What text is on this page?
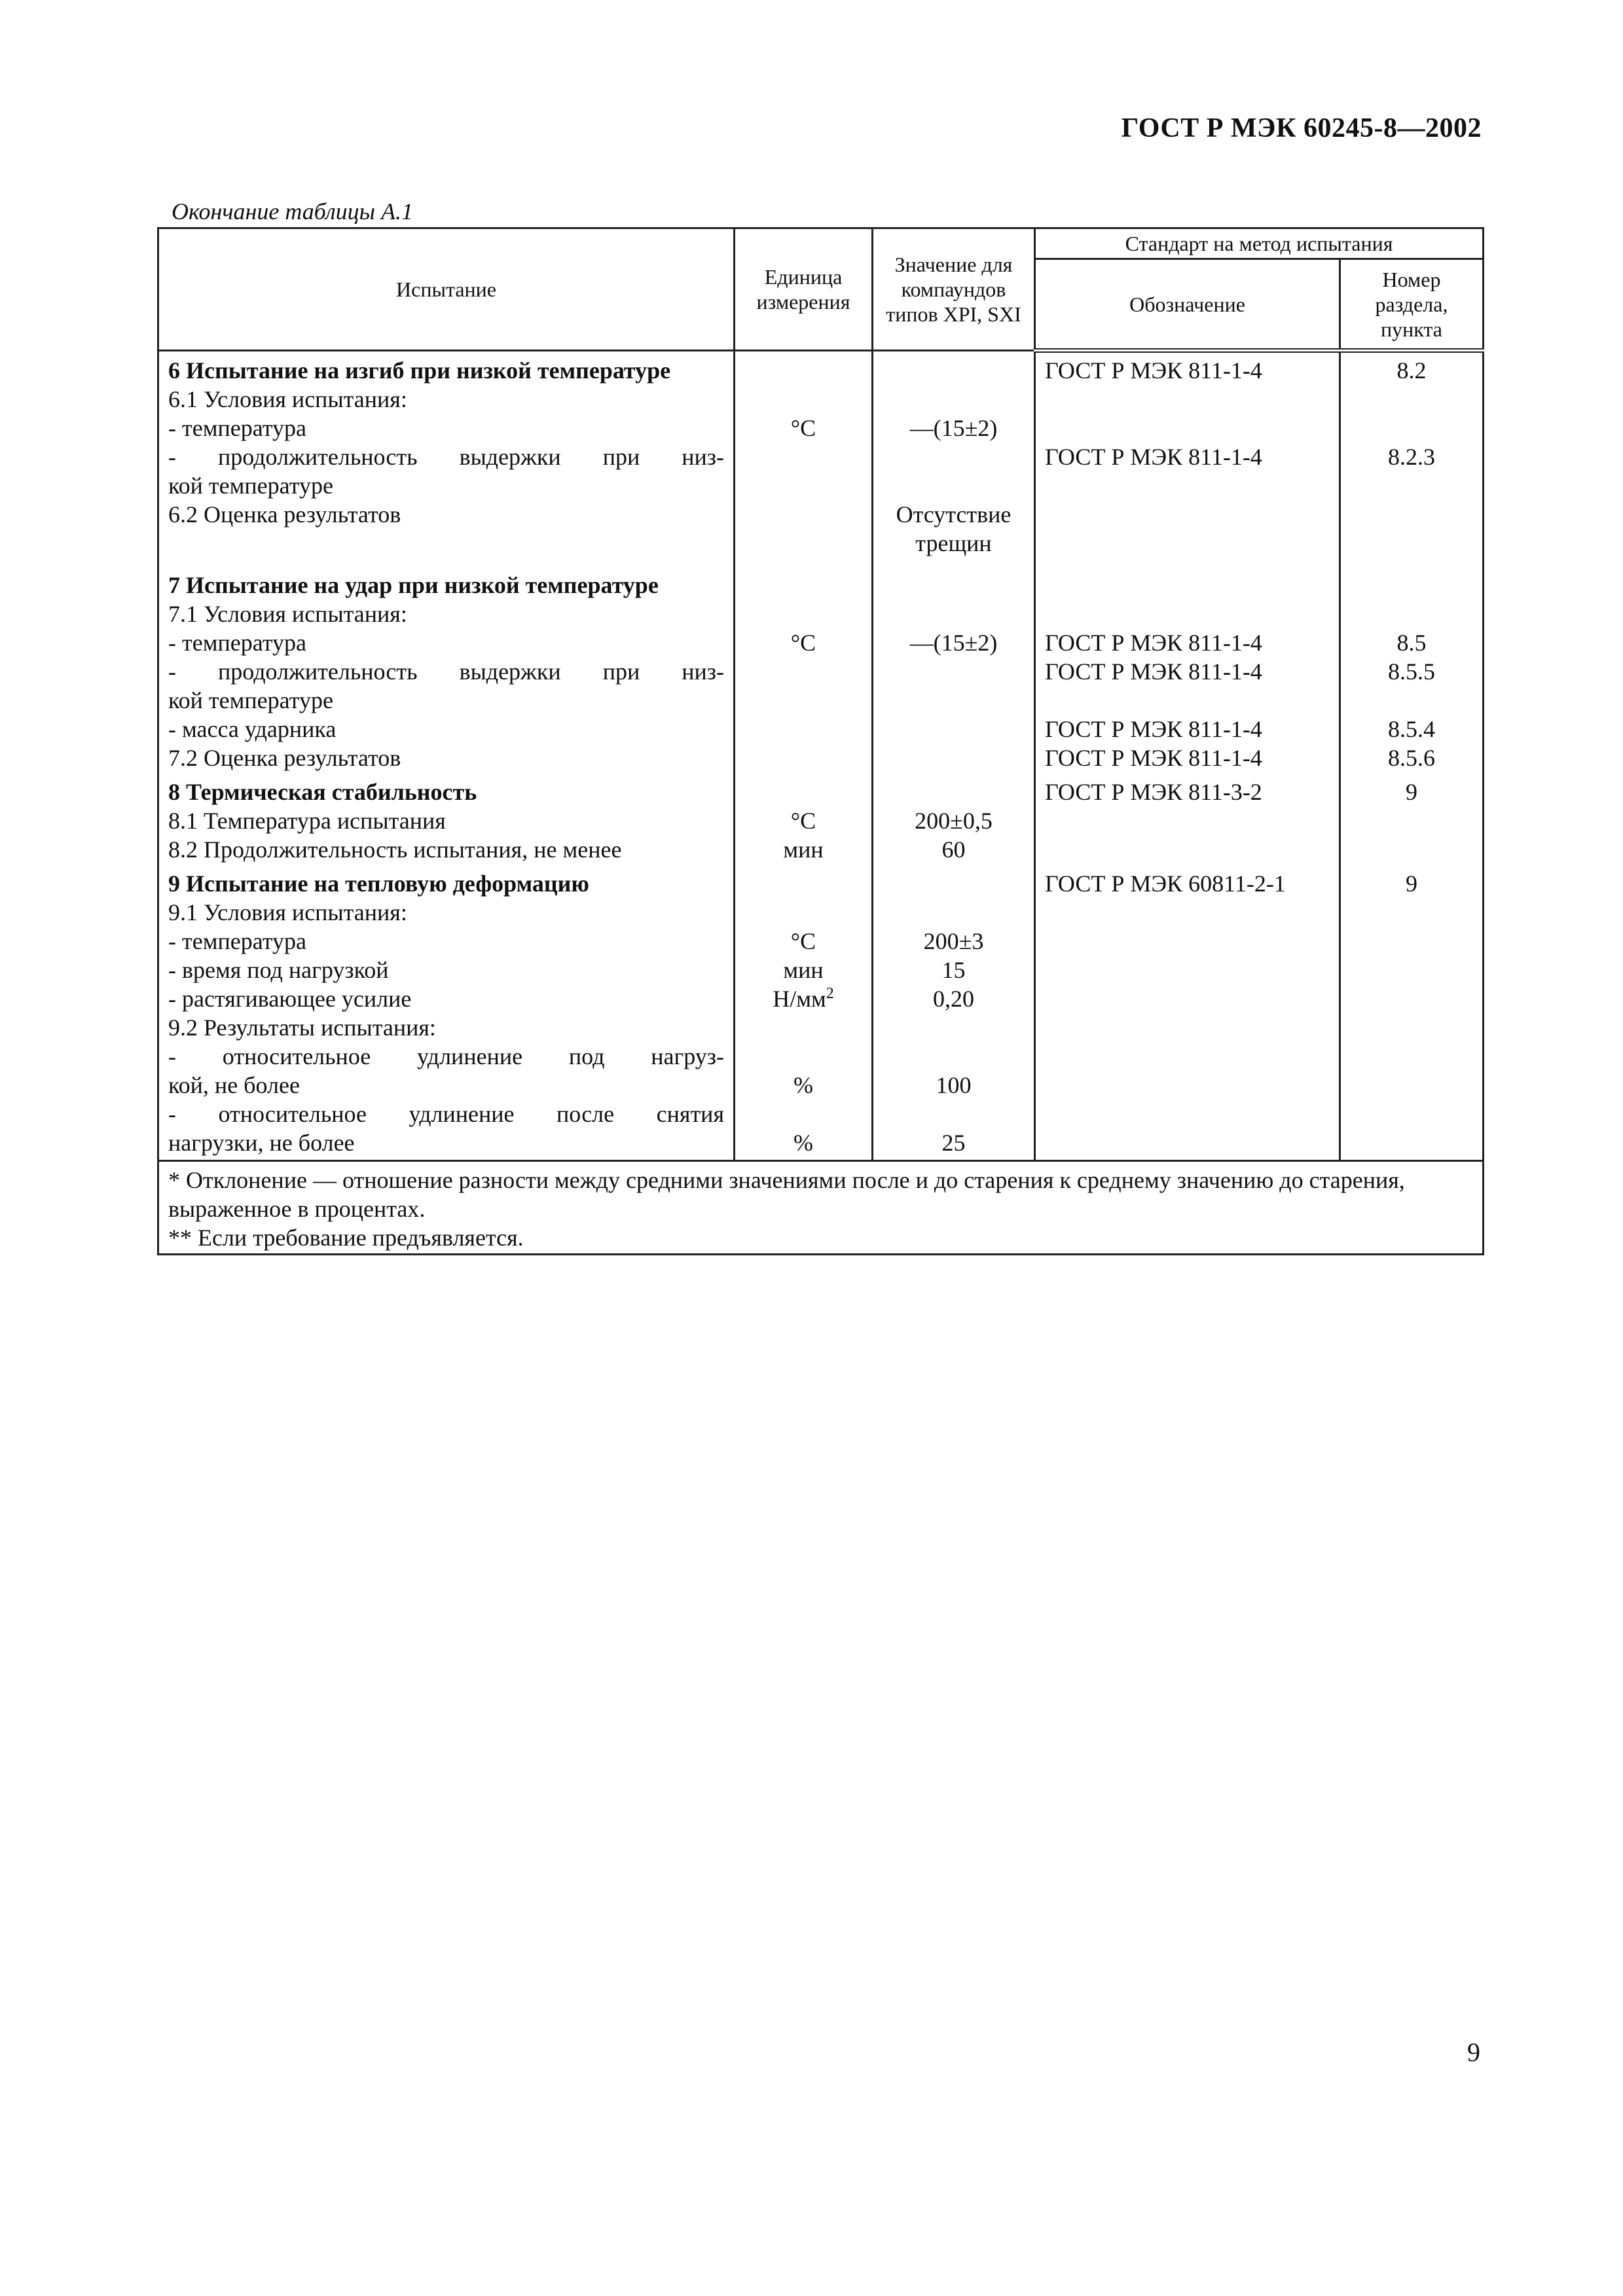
ГОСТ Р МЭК 60245-8—2002
Окончание таблицы А.1
Испытание	Единица измерения	Значение для компаундов типов XPI, SXI	Стандарт на метод испытания	
			Обозначение	Номер раздела, пункта

6 Испытание на изгиб при низкой температуре			ГОСТ Р МЭК 811-1-4	8.2
6.1 Условия испытания:				
- температура	°С	—(15±2)		
- продолжительность выдержки при низ-			ГОСТ Р МЭК 811-1-4	8.2.3
кой температуре				
6.2 Оценка результатов		Отсутствие		
		трещин		

7 Испытание на удар при низкой температуре				
7.1 Условия испытания:				
- температура	°С	—(15±2)	ГОСТ Р МЭК 811-1-4	8.5
- продолжительность выдержки при низ-			ГОСТ Р МЭК 811-1-4	8.5.5
кой температуре				
- масса ударника			ГОСТ Р МЭК 811-1-4	8.5.4
7.2 Оценка результатов			ГОСТ Р МЭК 811-1-4	8.5.6

8 Термическая стабильность			ГОСТ Р МЭК 811-3-2	9
8.1 Температура испытания	°С	200±0,5		
8.2 Продолжительность испытания, не менее	мин	60		

9 Испытание на тепловую деформацию			ГОСТ Р МЭК 60811-2-1	9
9.1 Условия испытания:				
- температура	°С	200±3		
- время под нагрузкой	мин	15		
- растягивающее усилие	$Н/мм^2$	0,20		
9.2 Результаты испытания:				
- относительное удлинение под нагруз-				
кой, не более	%	100		
- относительное удлинение после снятия				
нагрузки, не более	%	25		

* Отклонение — отношение разности между средними значениями после и до старения к среднему значению до старения, выраженное в процентах.
** Если требование предъявляется.				
9
